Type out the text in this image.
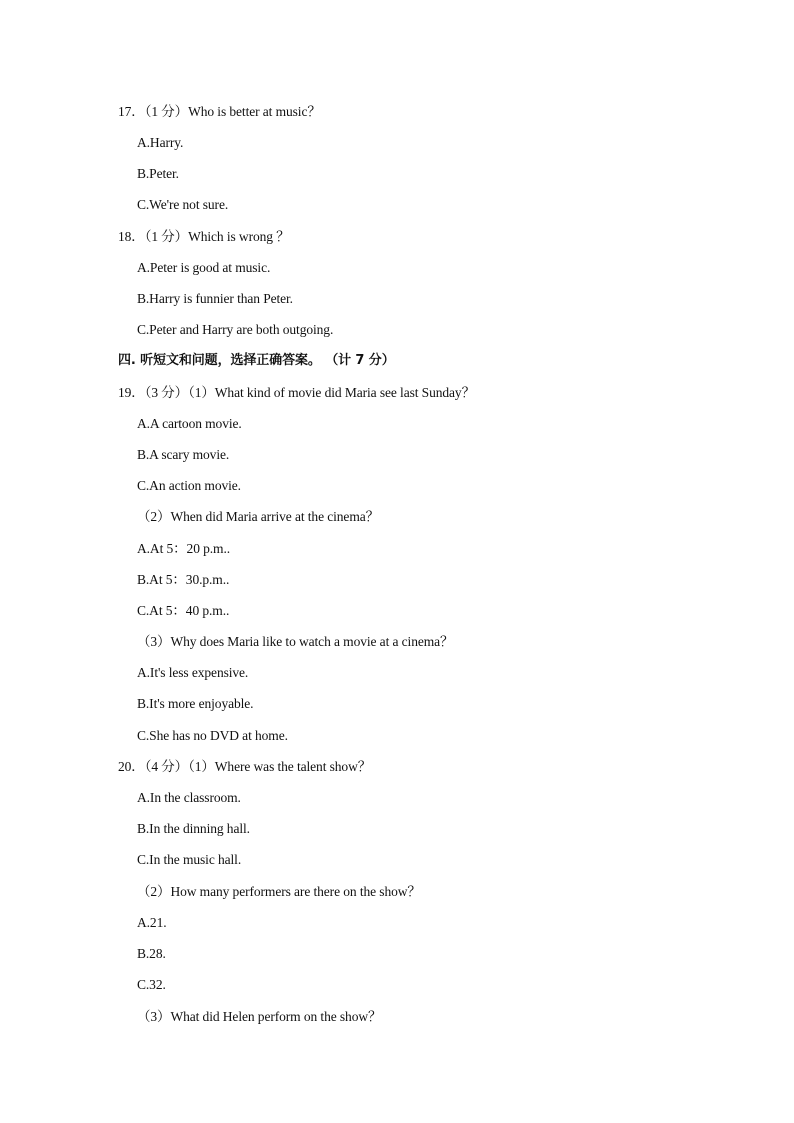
17．（1 分）Who is better at music？
A.Harry.
B.Peter.
C.We're not sure.
18．（1 分）Which is wrong ？
A.Peter is good at music.
B.Harry is funnier than Peter.
C.Peter and Harry are both outgoing.
四. 听短文和问题，选择正确答案。 （计 7 分）
19．（3 分）（1）What kind of movie did Maria see last Sunday？
A.A cartoon movie.
B.A scary movie.
C.An action movie.
（2）When did Maria arrive at the cinema？
A.At 5：20 p.m..
B.At 5：30.p.m..
C.At 5：40 p.m..
（3）Why does Maria like to watch a movie at a cinema？
A.It's less expensive.
B.It's more enjoyable.
C.She has no DVD at home.
20．（4 分）（1）Where was the talent show？
A.In the classroom.
B.In the dinning hall.
C.In the music hall.
（2）How many performers are there on the show？
A.21.
B.28.
C.32.
（3）What did Helen perform on the show？
